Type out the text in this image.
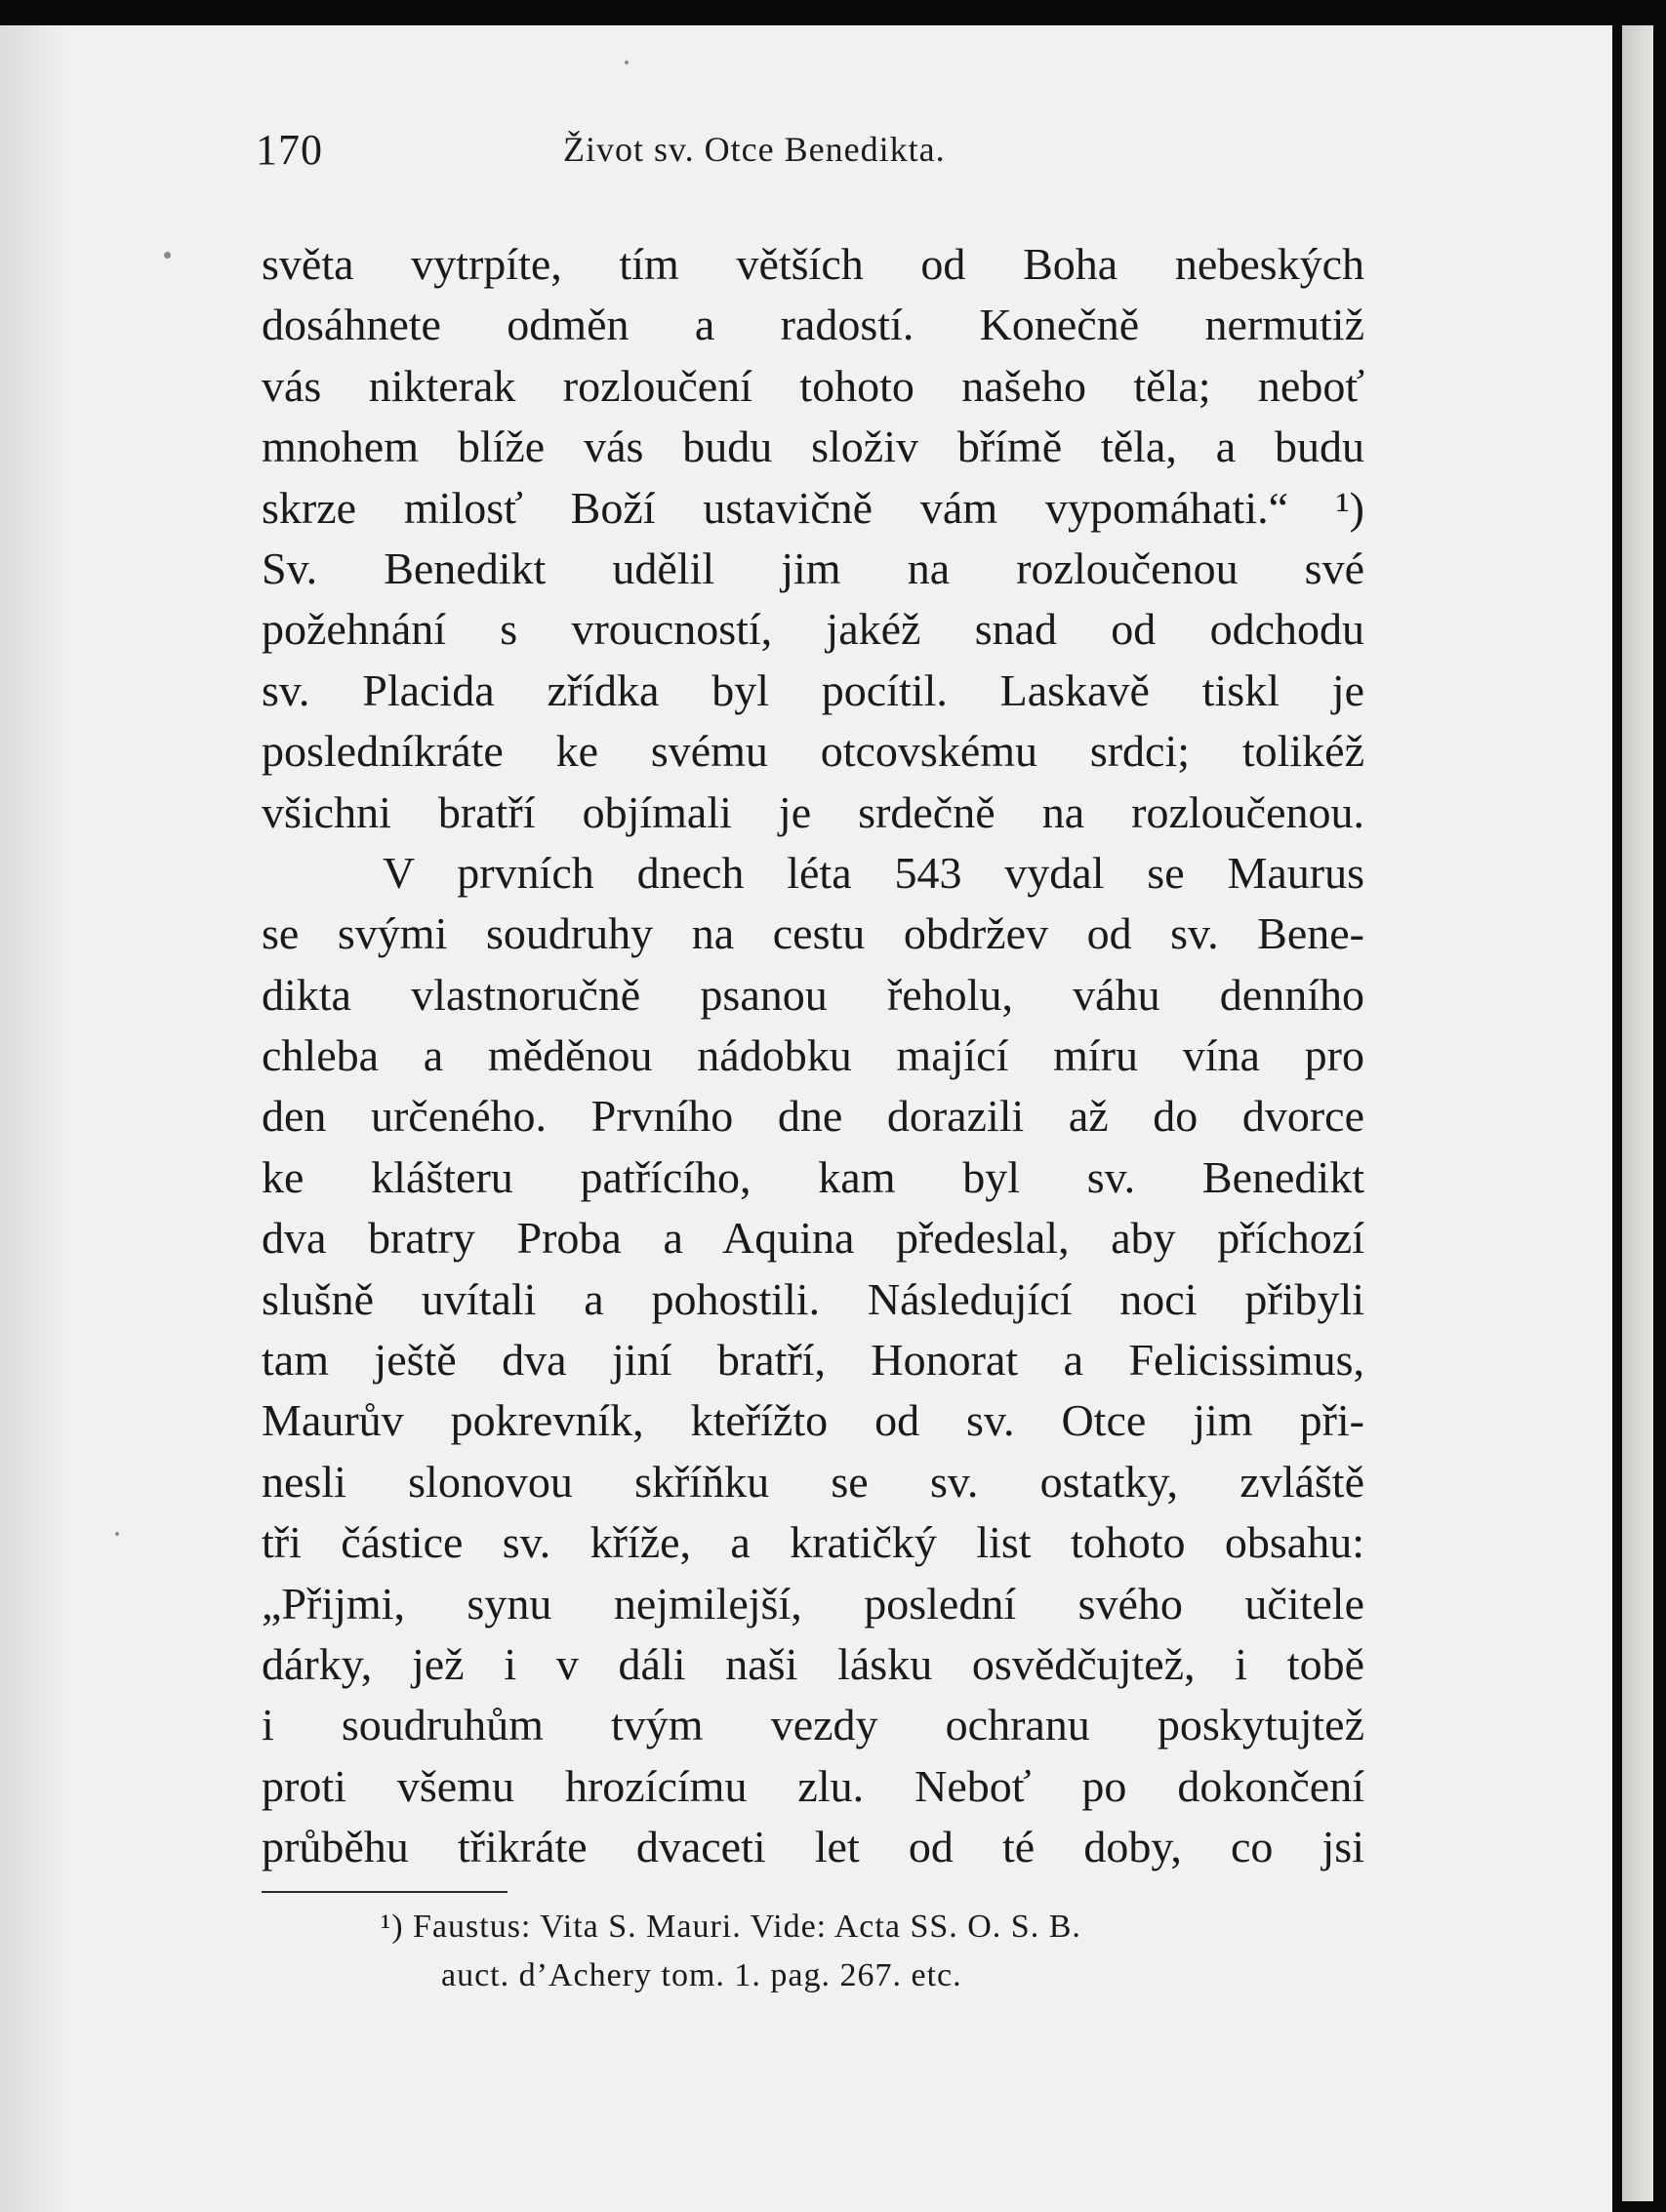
170	Život sv. Otce Benedikta.
světa vytrpíte, tím větších od Boha nebeských
dosáhnete odměn a radostí. Konečně nermutiž
vás nikterak rozloučení tohoto našeho těla; neboť
mnohem blíže vás budu složiv břímě těla, a budu
skrze milosť Boží ustavičně vám vypomáhati.“ ¹)
Sv. Benedikt udělil jim na rozloučenou své
požehnání s vroucností, jakéž snad od odchodu
sv. Placida zřídka byl pocítil. Laskavě tiskl je
posledníkráte ke svému otcovskému srdci; tolikéž
všichni bratří objímali je srdečně na rozloučenou.
V prvních dnech léta 543 vydal se Maurus
se svými soudruhy na cestu obdržev od sv. Bene-
dikta vlastnoručně psanou řeholu, váhu denního
chleba a měděnou nádobku mající míru vína pro
den určeného. Prvního dne dorazili až do dvorce
ke klášteru patřícího, kam byl sv. Benedikt
dva bratry Proba a Aquina předeslal, aby příchozí
slušně uvítali a pohostili. Následující noci přibyli
tam ještě dva jiní bratří, Honorat a Felicissimus,
Maurův pokrevník, kteřížto od sv. Otce jim při-
nesli slonovou skříňku se sv. ostatky, zvláště
tři částice sv. kříže, a kratičký list tohoto obsahu:
„Přijmi, synu nejmilejší, poslední svého učitele
dárky, jež i v dáli naši lásku osvědčujtež, i tobě
i soudruhům tvým vezdy ochranu poskytujtež
proti všemu hrozícímu zlu. Neboť po dokončení
průběhu třikráte dvaceti let od té doby, co jsi
¹) Faustus: Vita S. Mauri. Vide: Acta SS. O. S. B.
auct. d’Achery tom. 1. pag. 267. etc.
